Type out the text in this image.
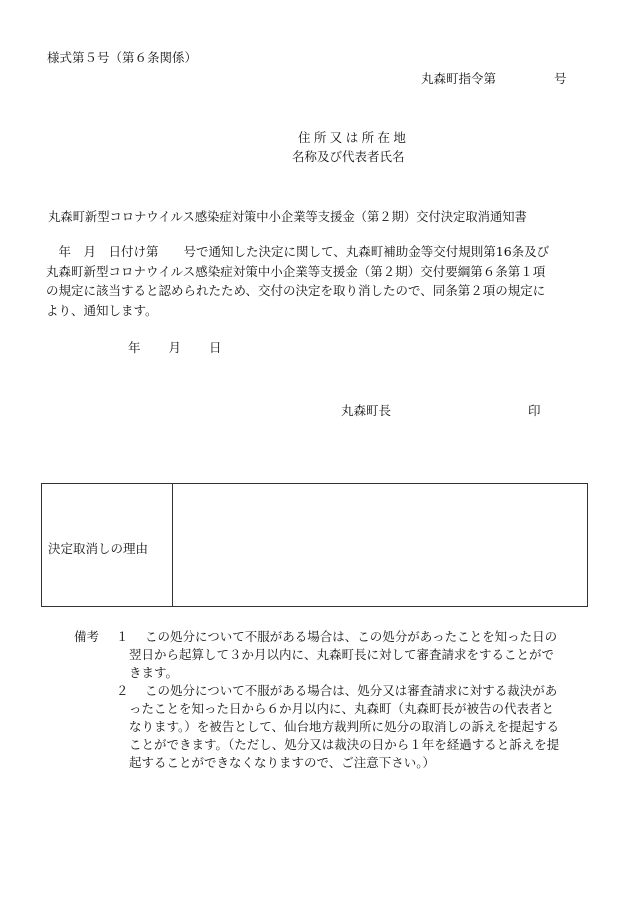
様式第５号（第６条関係）
丸森町指令第	号
住所又は所在地
名称及び代表者氏名
丸森町新型コロナウイルス感染症対策中小企業等支援金（第２期）交付決定取消通知書
　年　月　日付け第　　号で通知した決定に関して、丸森町補助金等交付規則第16条及び
丸森町新型コロナウイルス感染症対策中小企業等支援金（第２期）交付要綱第６条第１項
の規定に該当すると認められたため、交付の決定を取り消したので、同条第２項の規定に
より、通知します。
年 月 日
丸森町長	印
決定取消しの理由
備考 １ この処分について不服がある場合は、この処分があったことを知った日の
翌日から起算して３か月以内に、丸森町長に対して審査請求をすることがで
きます。
２ この処分について不服がある場合は、処分又は審査請求に対する裁決があ
ったことを知った日から６か月以内に、丸森町（丸森町長が被告の代表者と
なります。）を被告として、仙台地方裁判所に処分の取消しの訴えを提起する
ことができます。（ただし、処分又は裁決の日から１年を経過すると訴えを提
起することができなくなりますので、ご注意下さい。）
